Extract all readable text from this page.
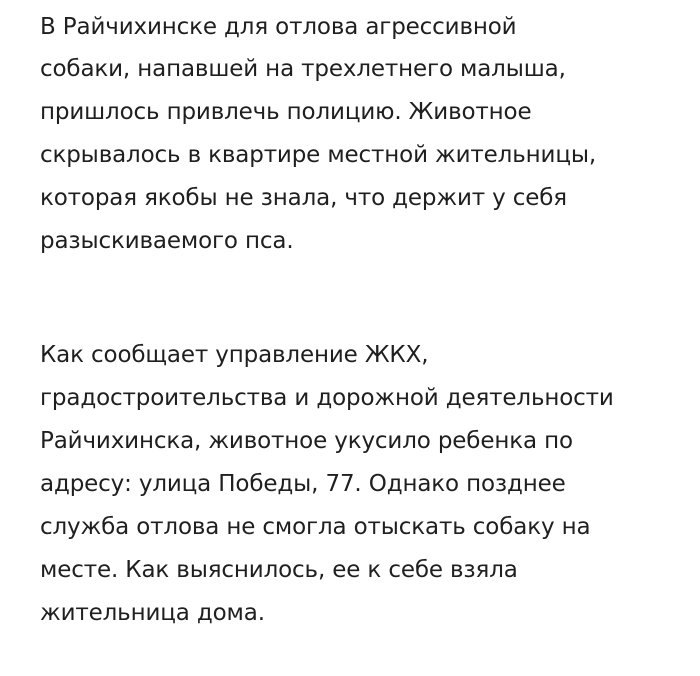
В Райчихинске для отлова агрессивной
собаки, напавшей на трехлетнего малыша,
пришлось привлечь полицию. Животное
скрывалось в квартире местной жительницы,
которая якобы не знала, что держит у себя
разыскиваемого пса.
Как сообщает управление ЖКХ,
градостроительства и дорожной деятельности
Райчихинска, животное укусило ребенка по
адресу: улица Победы, 77. Однако позднее
служба отлова не смогла отыскать собаку на
месте. Как выяснилось, ее к себе взяла
жительница дома.
